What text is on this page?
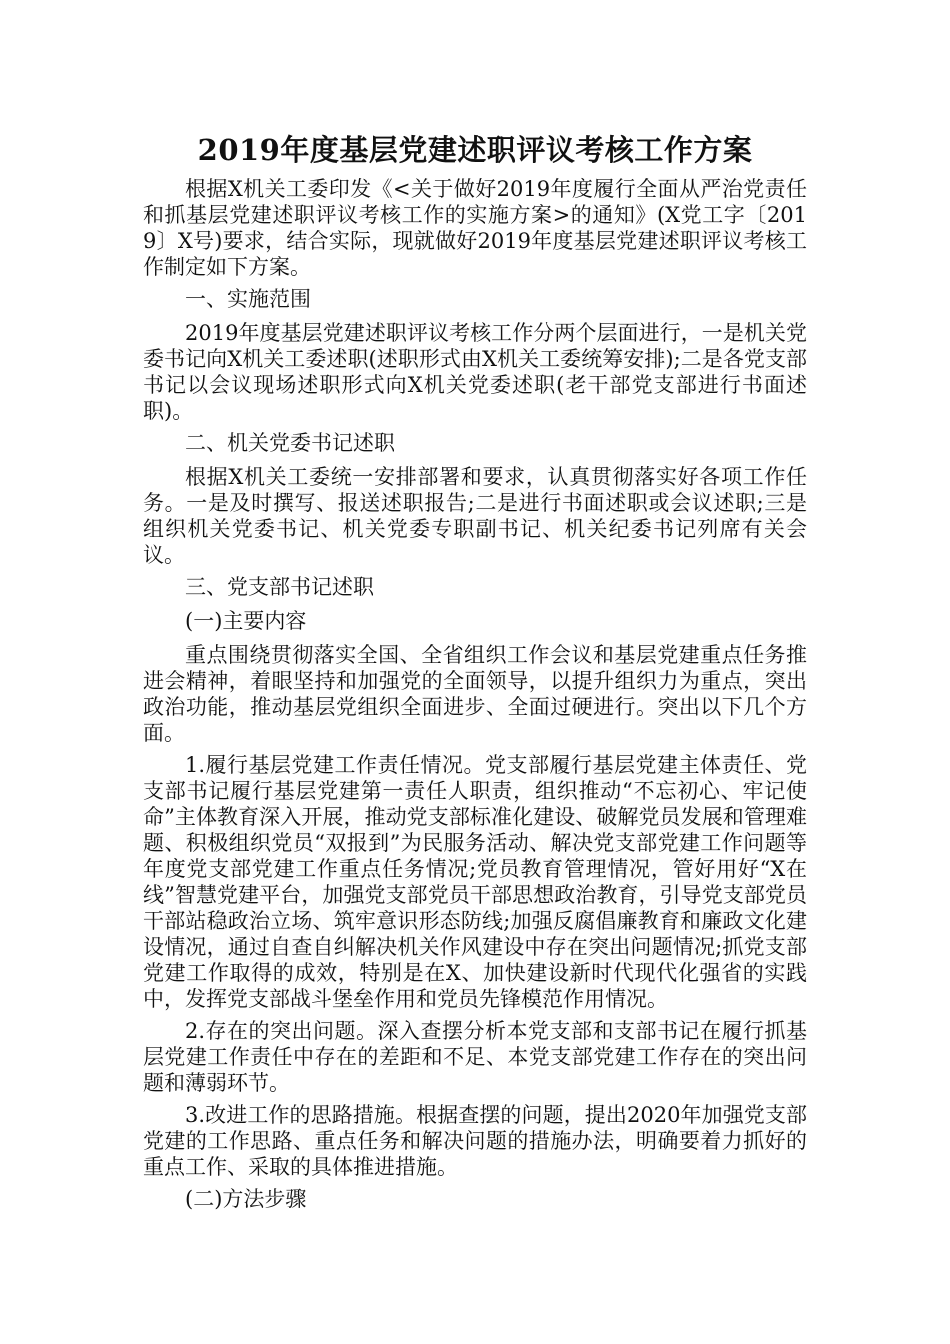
2019年度基层党建述职评议考核工作方案

根据X机关工委印发《<关于做好2019年度履行全面从严治党责任和抓基层党建述职评议考核工作的实施方案>的通知》(X党工字〔2019〕X号)要求，结合实际，现就做好2019年度基层党建述职评议考核工作制定如下方案。

一、实施范围

2019年度基层党建述职评议考核工作分两个层面进行，一是机关党委书记向X机关工委述职(述职形式由X机关工委统筹安排);二是各党支部书记以会议现场述职形式向X机关党委述职(老干部党支部进行书面述职)。

二、机关党委书记述职

根据X机关工委统一安排部署和要求，认真贯彻落实好各项工作任务。一是及时撰写、报送述职报告;二是进行书面述职或会议述职;三是组织机关党委书记、机关党委专职副书记、机关纪委书记列席有关会议。

三、党支部书记述职

(一)主要内容

重点围绕贯彻落实全国、全省组织工作会议和基层党建重点任务推进会精神，着眼坚持和加强党的全面领导，以提升组织力为重点，突出政治功能，推动基层党组织全面进步、全面过硬进行。突出以下几个方面。

1.履行基层党建工作责任情况。党支部履行基层党建主体责任、党支部书记履行基层党建第一责任人职责，组织推动“不忘初心、牢记使命”主体教育深入开展，推动党支部标准化建设、破解党员发展和管理难题、积极组织党员“双报到”为民服务活动、解决党支部党建工作问题等年度党支部党建工作重点任务情况;党员教育管理情况，管好用好“X在线”智慧党建平台，加强党支部党员干部思想政治教育，引导党支部党员干部站稳政治立场、筑牢意识形态防线;加强反腐倡廉教育和廉政文化建设情况，通过自查自纠解决机关作风建设中存在突出问题情况;抓党支部党建工作取得的成效，特别是在X、加快建设新时代现代化强省的实践中，发挥党支部战斗堡垒作用和党员先锋模范作用情况。

2.存在的突出问题。深入查摆分析本党支部和支部书记在履行抓基层党建工作责任中存在的差距和不足、本党支部党建工作存在的突出问题和薄弱环节。

3.改进工作的思路措施。根据查摆的问题，提出2020年加强党支部党建的工作思路、重点任务和解决问题的措施办法，明确要着力抓好的重点工作、采取的具体推进措施。

(二)方法步骤
